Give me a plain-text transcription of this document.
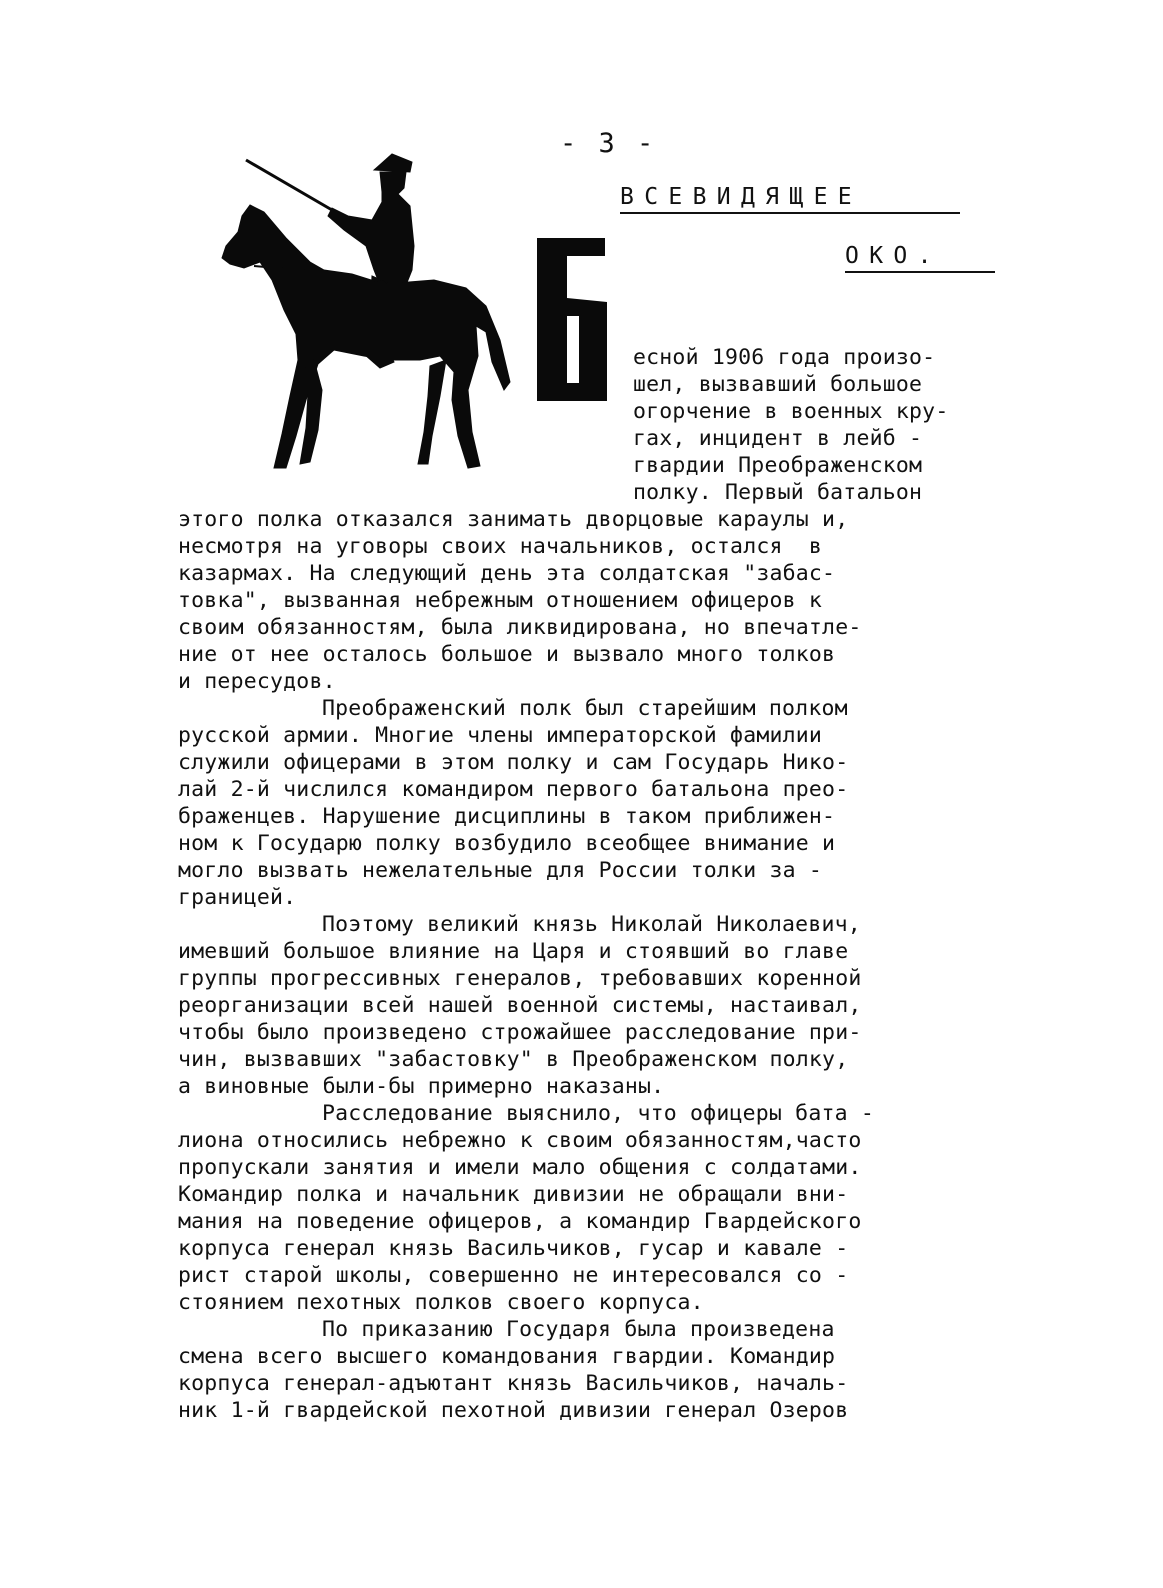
- 3 -
ВСЕВИДЯЩЕЕ
ОКО.
есной 1906 года произо-
шел, вызвавший большое
огорчение в военных кру-
гах, инцидент в лейб -
гвардии Преображенском
полку. Первый батальон
этого полка отказался занимать дворцовые караулы и,
несмотря на уговоры своих начальников, остался  в
казармах. На следующий день эта солдатская "забас-
товка", вызванная небрежным отношением офицеров к
своим обязанностям, была ликвидирована, но впечатле-
ние от нее осталось большое и вызвало много толков
и пересудов.
Преображенский полк был старейшим полком
русской армии. Многие члены императорской фамилии
служили офицерами в этом полку и сам Государь Нико-
лай 2-й числился командиром первого батальона прео-
браженцев. Нарушение дисциплины в таком приближен-
ном к Государю полку возбудило всеобщее внимание и
могло вызвать нежелательные для России толки за -
границей.
Поэтому великий князь Николай Николаевич,
имевший большое влияние на Царя и стоявший во главе
группы прогрессивных генералов, требовавших коренной
реорганизации всей нашей военной системы, настаивал,
чтобы было произведено строжайшее расследование при-
чин, вызвавших "забастовку" в Преображенском полку,
а виновные были-бы примерно наказаны.
Расследование выяснило, что офицеры бата -
лиона относились небрежно к своим обязанностям,часто
пропускали занятия и имели мало общения с солдатами.
Командир полка и начальник дивизии не обращали вни-
мания на поведение офицеров, а командир Гвардейского
корпуса генерал князь Васильчиков, гусар и кавале -
рист старой школы, совершенно не интересовался со -
стоянием пехотных полков своего корпуса.
По приказанию Государя была произведена
смена всего высшего командования гвардии. Командир
корпуса генерал-адъютант князь Васильчиков, началь-
ник 1-й гвардейской пехотной дивизии генерал Озеров
